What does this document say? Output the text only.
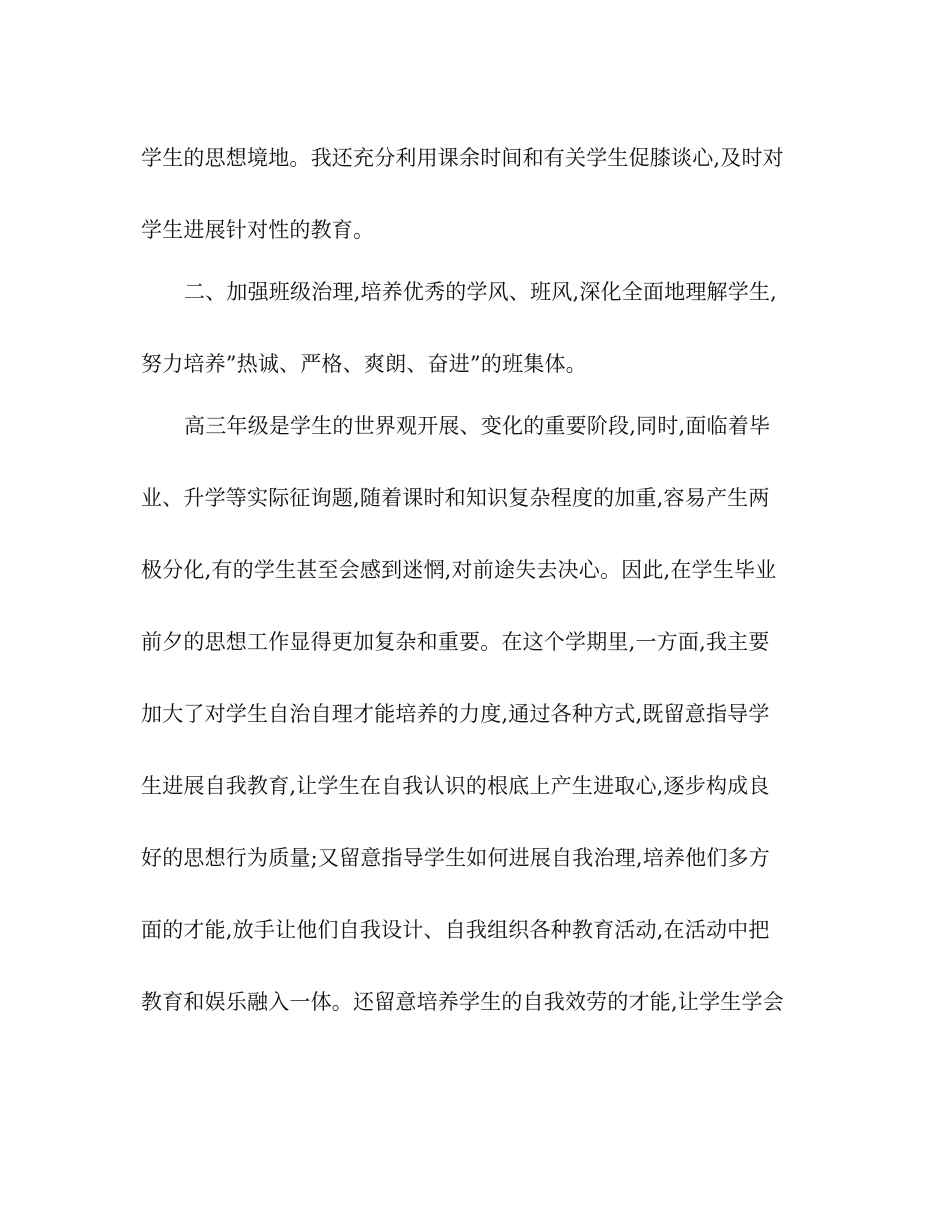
学生的思想境地。我还充分利用课余时间和有关学生促膝谈心,及时对
学生进展针对性的教育。
二、加强班级治理,培养优秀的学风、班风,深化全面地理解学生,
努力培养”热诚、严格、爽朗、奋进”的班集体。
高三年级是学生的世界观开展、变化的重要阶段,同时,面临着毕
业、升学等实际征询题,随着课时和知识复杂程度的加重,容易产生两
极分化,有的学生甚至会感到迷惘,对前途失去决心。因此,在学生毕业
前夕的思想工作显得更加复杂和重要。在这个学期里,一方面,我主要
加大了对学生自治自理才能培养的力度,通过各种方式,既留意指导学
生进展自我教育,让学生在自我认识的根底上产生进取心,逐步构成良
好的思想行为质量;又留意指导学生如何进展自我治理,培养他们多方
面的才能,放手让他们自我设计、自我组织各种教育活动,在活动中把
教育和娱乐融入一体。还留意培养学生的自我效劳的才能,让学生学会
